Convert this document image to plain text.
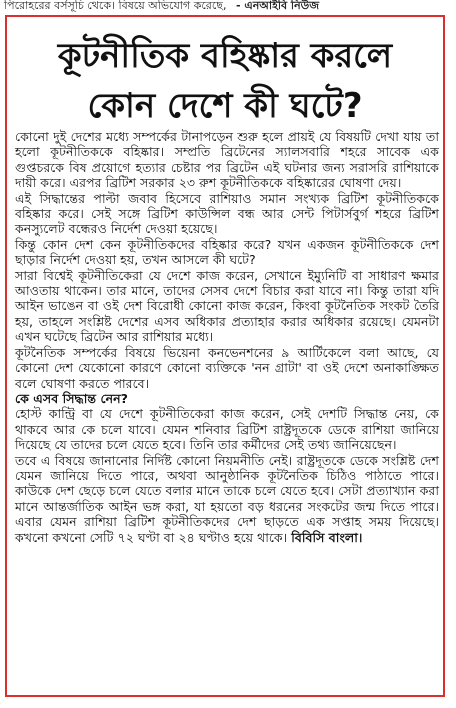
পিরোহরের বর্সসূচি থেকে। বিষয়ে অভিযোগ করেছে, - এনআইবি নিউজ
কূটনীতিক বহিষ্কার করলে
কোন দেশে কী ঘটে?

কোনো দুই দেশের মধ্যে সম্পর্কের টানাপড়েন শুরু হলে প্রায়ই যে বিষয়টি দেখা যায় তা হলো কূটনীতিককে বহিষ্কার। সম্প্রতি ব্রিটেনের স্যালসবারি শহরে সাবেক এক গুপ্তচরকে বিষ প্রয়োগে হত্যার চেষ্টার পর ব্রিটেন এই ঘটনার জন্য সরাসরি রাশিয়াকে দায়ী করে। এরপর ব্রিটিশ সরকার ২৩ রুশ কূটনীতিককে বহিষ্কারের ঘোষণা দেয়।

এই সিদ্ধান্তের পাল্টা জবাব হিসেবে রাশিয়াও সমান সংখ্যক ব্রিটিশ কূটনীতিককে বহিষ্কার করে। সেই সঙ্গে ব্রিটিশ কাউন্সিল বন্ধ আর সেন্ট পিটার্সবুর্গ শহরে ব্রিটিশ কনস্যুলেট বন্ধেরও নির্দেশ দেওয়া হয়েছে।

কিন্তু কোন দেশ কেন কূটনীতিকদের বহিষ্কার করে? যখন একজন কূটনীতিককে দেশ ছাড়ার নির্দেশ দেওয়া হয়, তখন আসলে কী ঘটে?

সারা বিশ্বেই কূটনীতিকেরা যে দেশে কাজ করেন, সেখানে ইম্যুনিটি বা সাধারণ ক্ষমার আওতায় থাকেন। তার মানে, তাদের সেসব দেশে বিচার করা যাবে না। কিন্তু তারা যদি আইন ভাঙেন বা ওই দেশ বিরোধী কোনো কাজ করেন, কিংবা কূটনৈতিক সংকট তৈরি হয়, তাহলে সংশ্লিষ্ট দেশের এসব অধিকার প্রত্যাহার করার অধিকার রয়েছে। যেমনটা এখন ঘটেছে ব্রিটেন আর রাশিয়ার মধ্যে।

কূটনৈতিক সম্পর্কের বিষয়ে ভিয়েনা কনভেনশনের ৯ আর্টিকেলে বলা আছে, যে কোনো দেশ যেকোনো কারণে কোনো ব্যক্তিকে 'নন গ্রাটা' বা ওই দেশে অনাকাঙ্ক্ষিত বলে ঘোষণা করতে পারবে।

কে এসব সিদ্ধান্ত নেন?

হোস্ট কান্ট্রি বা যে দেশে কূটনীতিকেরা কাজ করেন, সেই দেশটি সিদ্ধান্ত নেয়, কে থাকবে আর কে চলে যাবে। যেমন শনিবার ব্রিটিশ রাষ্ট্রদূতকে ডেকে রাশিয়া জানিয়ে দিয়েছে যে তাদের চলে যেতে হবে। তিনি তার কর্মীদের সেই তথ্য জানিয়েছেন।

তবে এ বিষয়ে জানানোর নির্দিষ্ট কোনো নিয়মনীতি নেই। রাষ্ট্রদূতকে ডেকে সংশ্লিষ্ট দেশ যেমন জানিয়ে দিতে পারে, অথবা আনুষ্ঠানিক কূটনৈতিক চিঠিও পাঠাতে পারে। কাউকে দেশ ছেড়ে চলে যেতে বলার মানে তাকে চলে যেতে হবে। সেটা প্রত্যাখ্যান করা মানে আন্তর্জাতিক আইন ভঙ্গ করা, যা হয়তো বড় ধরনের সংকটের জন্ম দিতে পারে। এবার যেমন রাশিয়া ব্রিটিশ কূটনীতিকদের দেশ ছাড়তে এক সপ্তাহ সময় দিয়েছে। কখনো কখনো সেটি ৭২ ঘণ্টা বা ২৪ ঘণ্টাও হয়ে থাকে। বিবিসি বাংলা।
